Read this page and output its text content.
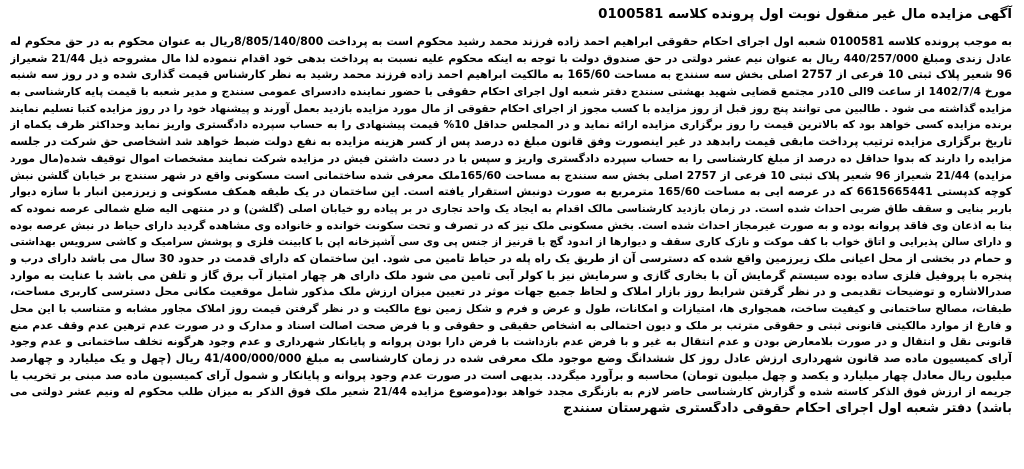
آگهی مزایده مال غیر منقول نوبت اول پرونده کلاسه 0100581
به موجب پرونده کلاسه 0100581 شعبه اول اجرای احکام حقوقی ابراهیم احمد زاده فرزند محمد رشید محکوم است به پرداخت 8/805/140/800ریال به عنوان محکوم به در حق محکوم له
عادل زندی ومبلغ 440/257/000 ریال به عنوان نیم عشر دولتی در حق صندوق دولت با توجه به اینکه محکوم علیه نسبت به پرداخت بدهی خود اقدام ننموده لذا مال مشروحه ذیل 21/44 شعیراز
96 شعیر پلاک ثبتی 10 فرعی از 2757 اصلی بخش سه سنندج به مساحت 165/60 به مالکیت ابراهیم احمد زاده فرزند محمد رشید به نظر کارشناس قیمت گذاری شده و در روز سه شنبه
مورخ 1402/7/4 از ساعت 9الی 10در مجتمع قضایی شهید بهشتی سنندج دفتر شعبه اول اجرای احکام حقوقی با حضور نماینده دادسرای عمومی سنندج و مدیر شعبه با قیمت پایه کارشناسی به
مزایده گذاشته می شود . طالبین می توانند پنج روز قبل از روز مزایده با کسب مجوز از اجرای احکام حقوقی از مال مورد مزایده بازدید بعمل آورند و پیشنهاد خود را در روز مزایده کتبا تسلیم نمایند
برنده مزایده کسی خواهد بود که بالاترین قیمت را روز برگزاری مزایده ارائه نماید و در المجلس حداقل 10% قیمت پیشنهادی را به حساب سپرده دادگستری واریز نماید وحداکثر ظرف یکماه از
تاریخ برگزاری مزایده ترتیب پرداخت مابقی قیمت رابدهد در غیر اینصورت وفق قانون مبلغ ده درصد پس از کسر هزینه مزایده به نفع دولت ضبط خواهد شد اشخاصی حق شرکت در جلسه
مزایده را دارند که بدوا حداقل ده درصد از مبلغ کارشناسی را به حساب سپرده دادگستری واریز و سپس با در دست داشتن فیش در مزایده شرکت نمایند مشخصات اموال توقیف شده(مال مورد
مزایده) 21/44 شعیراز 96 شعیر پلاک ثبتی 10 فرعی از 2757 اصلی بخش سه سنندج به مساحت 165/60ملک معرفی شده ساختمانی است مسکونی واقع در شهر سنندج بر خیابان گلشن نبش
کوچه کدپستی 6615665441 که در عرصه ایی به مساحت 165/60 مترمربع به صورت دونبش استقرار یافته است. این ساختمان در یک طبقه همکف مسکونی و زیرزمین انبار با سازه دیوار
باربر بنایی و سقف طاق ضربی احداث شده است. در زمان بازدید کارشناسی مالک اقدام به ایجاد یک واحد تجاری در بر پیاده رو خیابان اصلی (گلشن) و در منتهی الیه ضلع شمالی عرصه نموده که
بنا به اذعان وی فاقد پروانه بوده و به صورت غیرمجاز احداث شده است. بخش مسکونی ملک نیز که در تصرف و تحت سکونت خوانده و خانواده وی مشاهده گردید دارای حیاط در نبش عرصه بوده
و دارای سالن پذیرایی و اتاق خواب با کف موکت و نازک کاری سقف و دیوارها از اندود گچ با قرنیز از جنس پی وی سی آشپزخانه اپن با کابینت فلزی و پوشش سرامیک و کاشی سرویس بهداشتی
و حمام در بخشی از محل اعیانی ملک زیرزمین واقع شده که دسترسی آن از طریق یک راه پله در حیاط تامین می شود. این ساختمان که دارای قدمت در حدود 30 سال می باشد دارای درب و
پنجره با پروفیل فلزی ساده بوده سیستم گرمایش آن با بخاری گازی و سرمایش نیز با کولر آبی تامین می شود ملک دارای هر چهار امتیاز آب برق گاز و تلفن می باشد با عنایت به موارد
صدرالاشاره و توضیحات تقدیمی و در نظر گرفتن شرایط روز بازار املاک و لحاظ جمیع جهات موثر در تعیین میزان ارزش ملک مذکور شامل موقعیت مکانی محل دسترسی کاربری مساحت،
طبقات، مصالح ساختمانی و کیفیت ساخت، همجواری ها، امتیازات و امکانات، طول و عرض و فرم و شکل زمین نوع مالکیت و در نظر گرفتن قیمت روز املاک مجاور مشابه و متناسب با این محل
و فارغ از موارد مالکیتی قانونی ثبتی و حقوقی مترتب بر ملک و دیون احتمالی به اشخاص حقیقی و حقوقی و با فرض صحت اصالت اسناد و مدارک و در صورت عدم ترهین عدم وقف عدم منع
قانونی نقل و انتقال و در صورت بلامعارض بودن و عدم انتقال به غیر و با فرض عدم بازداشت با فرض دارا بودن پروانه و پایانکار شهرداری و عدم وجود هرگونه تخلف ساختمانی و عدم وجود
آرای کمیسیون ماده صد قانون شهرداری ارزش عادل روز کل ششدانگ وضع موجود ملک معرفی شده در زمان کارشناسی به مبلغ 41/400/000/000 ریال (چهل و یک میلیارد و چهارصد
میلیون ریال معادل چهار میلیارد و یکصد و چهل میلیون تومان) محاسبه و برآورد میگردد. بدیهی است در صورت عدم وجود پروانه و پایانکار و شمول آرای کمیسیون ماده صد مبنی بر تخریب یا
جریمه از ارزش فوق الذکر کاسته شده و گزارش کارشناسی حاضر لازم به بازنگری مجدد خواهد بود(موضوع مزایده 21/44 شعیر ملک فوق الذکر به میزان طلب محکوم له ونیم عشر دولتی می
باشد) دفتر شعبه اول اجرای احکام حقوقی دادگستری شهرستان سنندج
